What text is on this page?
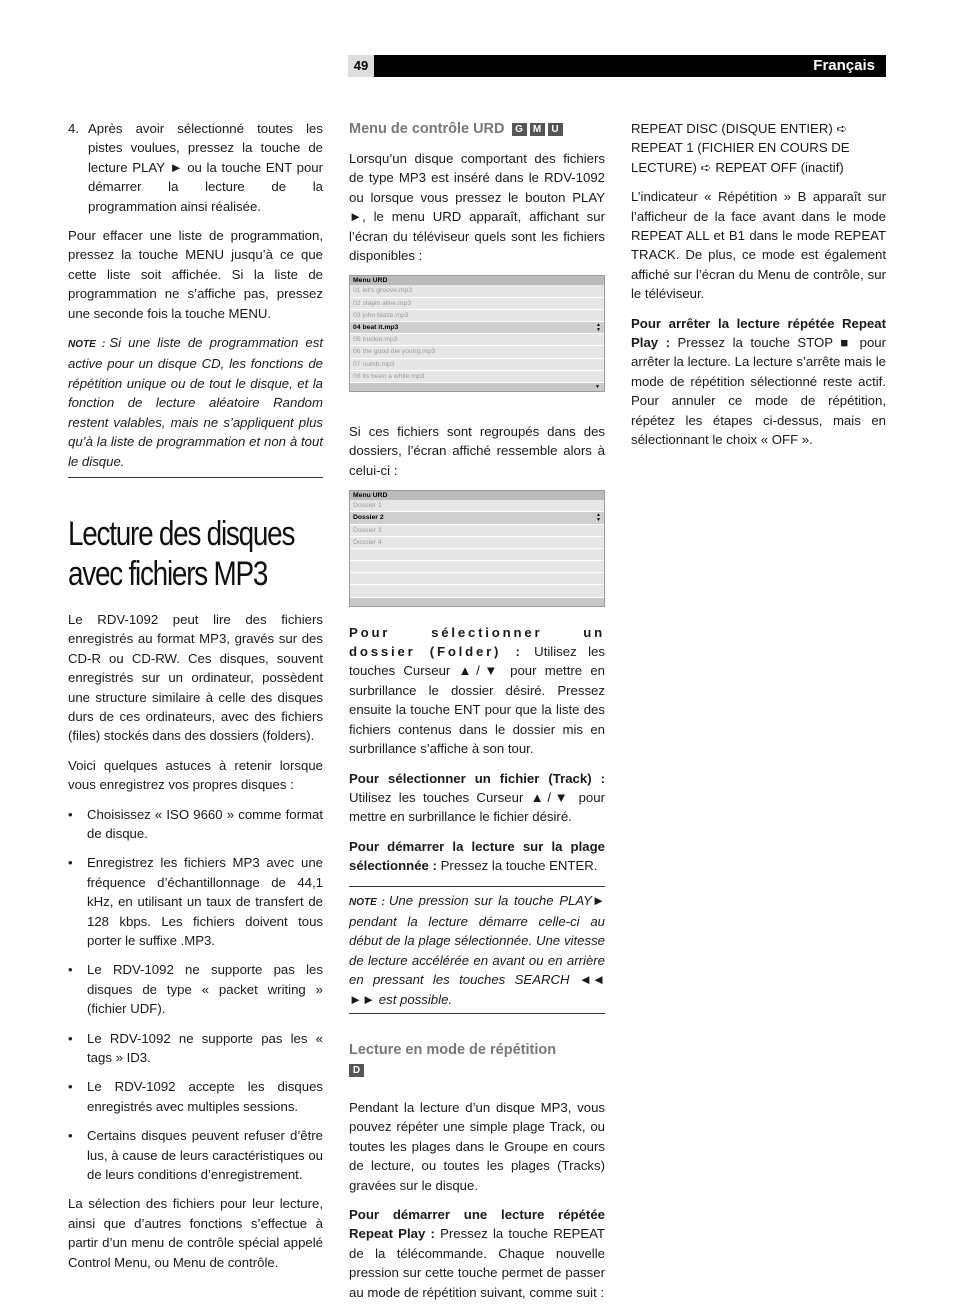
49	Français
4. Après avoir sélectionné toutes les pistes voulues, pressez la touche de lecture PLAY ► ou la touche ENT pour démarrer la lecture de la programmation ainsi réalisée.

Pour effacer une liste de programmation, pressez la touche MENU jusqu’à ce que cette liste soit affichée. Si la liste de programmation ne s’affiche pas, pressez une seconde fois la touche MENU.

NOTE : Si une liste de programmation est active pour un disque CD, les fonctions de répétition unique ou de tout le disque, et la fonction de lecture aléatoire Random restent valables, mais ne s’appliquent plus qu’à la liste de programmation et non à tout le disque.

Lecture des disques avec fichiers MP3

Le RDV-1092 peut lire des fichiers enregistrés au format MP3, gravés sur des CD-R ou CD-RW. Ces disques, souvent enregistrés sur un ordinateur, possèdent une structure similaire à celle des disques durs de ces ordinateurs, avec des fichiers (files) stockés dans des dossiers (folders).

Voici quelques astuces à retenir lorsque vous enregistrez vos propres disques :

•	Choisissez « ISO 9660 » comme format de disque.
•	Enregistrez les fichiers MP3 avec une fréquence d’échantillonnage de 44,1 kHz, en utilisant un taux de transfert de 128 kbps. Les fichiers doivent tous porter le suffixe .MP3.
•	Le RDV-1092 ne supporte pas les disques de type « packet writing » (fichier UDF).
•	Le RDV-1092 ne supporte pas les « tags » ID3.
•	Le RDV-1092 accepte les disques enregistrés avec multiples sessions.
•	Certains disques peuvent refuser d’être lus, à cause de leurs caractéristiques ou de leurs conditions d’enregistrement.

La sélection des fichiers pour leur lecture, ainsi que d’autres fonctions s’effectue à partir d’un menu de contrôle spécial appelé Control Menu, ou Menu de contrôle.

Menu de contrôle URD G M U

Lorsqu’un disque comportant des fichiers de type MP3 est inséré dans le RDV-1092 ou lorsque vous pressez le bouton PLAY ►, le menu URD apparaît, affichant sur l’écran du téléviseur quels sont les fichiers disponibles :

Menu URD
01 let's groove.mp3
02 stayin alive.mp3
03 john blaze.mp3
04 beat it.mp3	▲
▼
05 truckin.mp3
06 the good die young.mp3
07 numb.mp3
08 its been a while.mp3
▼

Si ces fichiers sont regroupés dans des dossiers, l’écran affiché ressemble alors à celui-ci :

Menu URD
Dossier 1
Dossier 2	▲
▼
Dossier 3
Dossier 4

Pour sélectionner un dossier (Folder) : Utilisez les touches Curseur ▲/▼ pour mettre en surbrillance le dossier désiré. Pressez ensuite la touche ENT pour que la liste des fichiers contenus dans le dossier mis en surbrillance s’affiche à son tour.

Pour sélectionner un fichier (Track) : Utilisez les touches Curseur ▲/▼ pour mettre en surbrillance le fichier désiré.

Pour démarrer la lecture sur la plage sélectionnée : Pressez la touche ENTER.

NOTE : Une pression sur la touche PLAY► pendant la lecture démarre celle-ci au début de la plage sélectionnée. Une vitesse de lecture accélérée en avant ou en arrière en pressant les touches SEARCH ◄◄ ►► est possible.

Lecture en mode de répétition
D

Pendant la lecture d’un disque MP3, vous pouvez répéter une simple plage Track, ou toutes les plages dans le Groupe en cours de lecture, ou toutes les plages (Tracks) gravées sur le disque.

Pour démarrer une lecture répétée Repeat Play : Pressez la touche REPEAT de la télécommande. Chaque nouvelle pression sur cette touche permet de passer au mode de répétition suivant, comme suit :

REPEAT DISC (DISQUE ENTIER) ➪ REPEAT 1 (FICHIER EN COURS DE LECTURE) ➪ REPEAT OFF (inactif)

L’indicateur « Répétition » B apparaît sur l’afficheur de la face avant dans le mode REPEAT ALL et B1 dans le mode REPEAT TRACK. De plus, ce mode est également affiché sur l’écran du Menu de contrôle, sur le téléviseur.

Pour arrêter la lecture répétée Repeat Play : Pressez la touche STOP ■ pour arrêter la lecture. La lecture s’arrête mais le mode de répétition sélectionné reste actif. Pour annuler ce mode de répétition, répétez les étapes ci-dessus, mais en sélectionnant le choix « OFF ».
